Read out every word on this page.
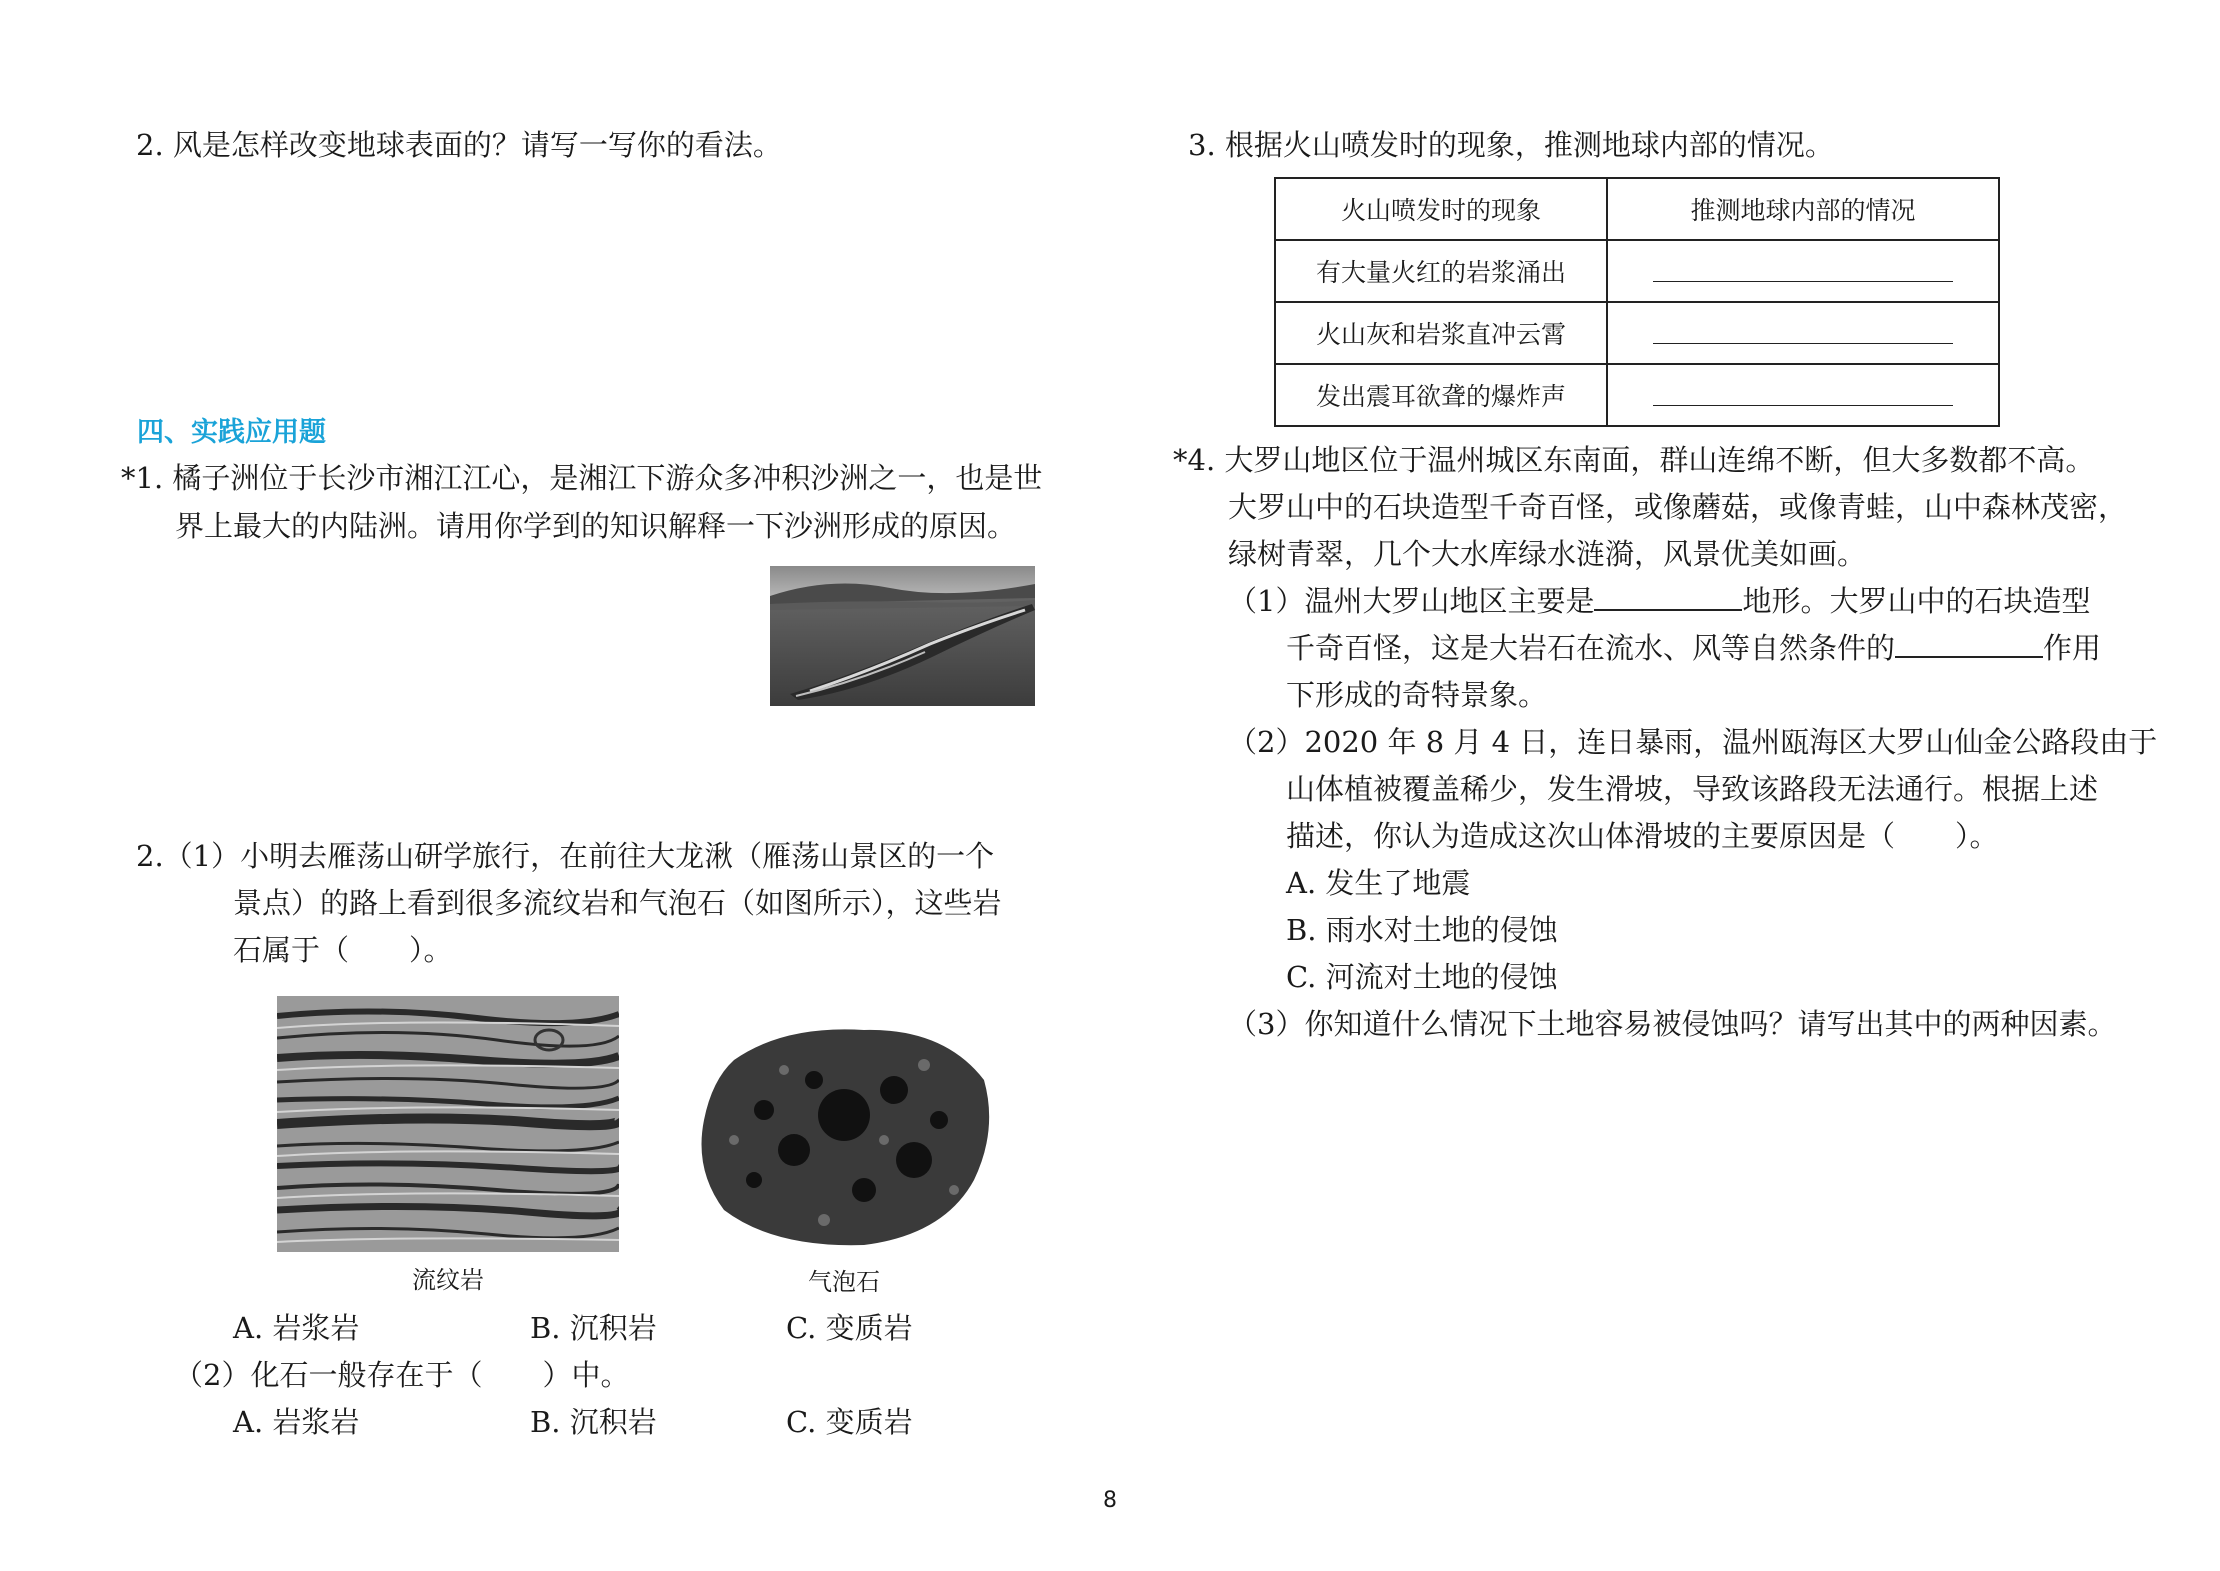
2. 风是怎样改变地球表面的？请写一写你的看法。
四、实践应用题
*1. 橘子洲位于长沙市湘江江心，是湘江下游众多冲积沙洲之一，也是世
界上最大的内陆洲。请用你学到的知识解释一下沙洲形成的原因。
2.（1）小明去雁荡山研学旅行，在前往大龙湫（雁荡山景区的一个
景点）的路上看到很多流纹岩和气泡石（如图所示），这些岩
石属于（ ）。
流纹岩	气泡石
A. 岩浆岩	B. 沉积岩	C. 变质岩
（2）化石一般存在于（ ）中。
A. 岩浆岩	B. 沉积岩	C. 变质岩
3. 根据火山喷发时的现象，推测地球内部的情况。
火山喷发时的现象	推测地球内部的情况
有大量火红的岩浆涌出	
火山灰和岩浆直冲云霄	
发出震耳欲聋的爆炸声	
*4. 大罗山地区位于温州城区东南面，群山连绵不断，但大多数都不高。
大罗山中的石块造型千奇百怪，或像蘑菇，或像青蛙，山中森林茂密，
绿树青翠，几个大水库绿水涟漪，风景优美如画。
（1）温州大罗山地区主要是	地形。大罗山中的石块造型
千奇百怪，这是大岩石在流水、风等自然条件的	作用
下形成的奇特景象。
（2）2020 年 8 月 4 日，连日暴雨，温州瓯海区大罗山仙金公路段由于
山体植被覆盖稀少，发生滑坡，导致该路段无法通行。根据上述
描述，你认为造成这次山体滑坡的主要原因是（ ）。
A. 发生了地震
B. 雨水对土地的侵蚀
C. 河流对土地的侵蚀
（3）你知道什么情况下土地容易被侵蚀吗？请写出其中的两种因素。
8
